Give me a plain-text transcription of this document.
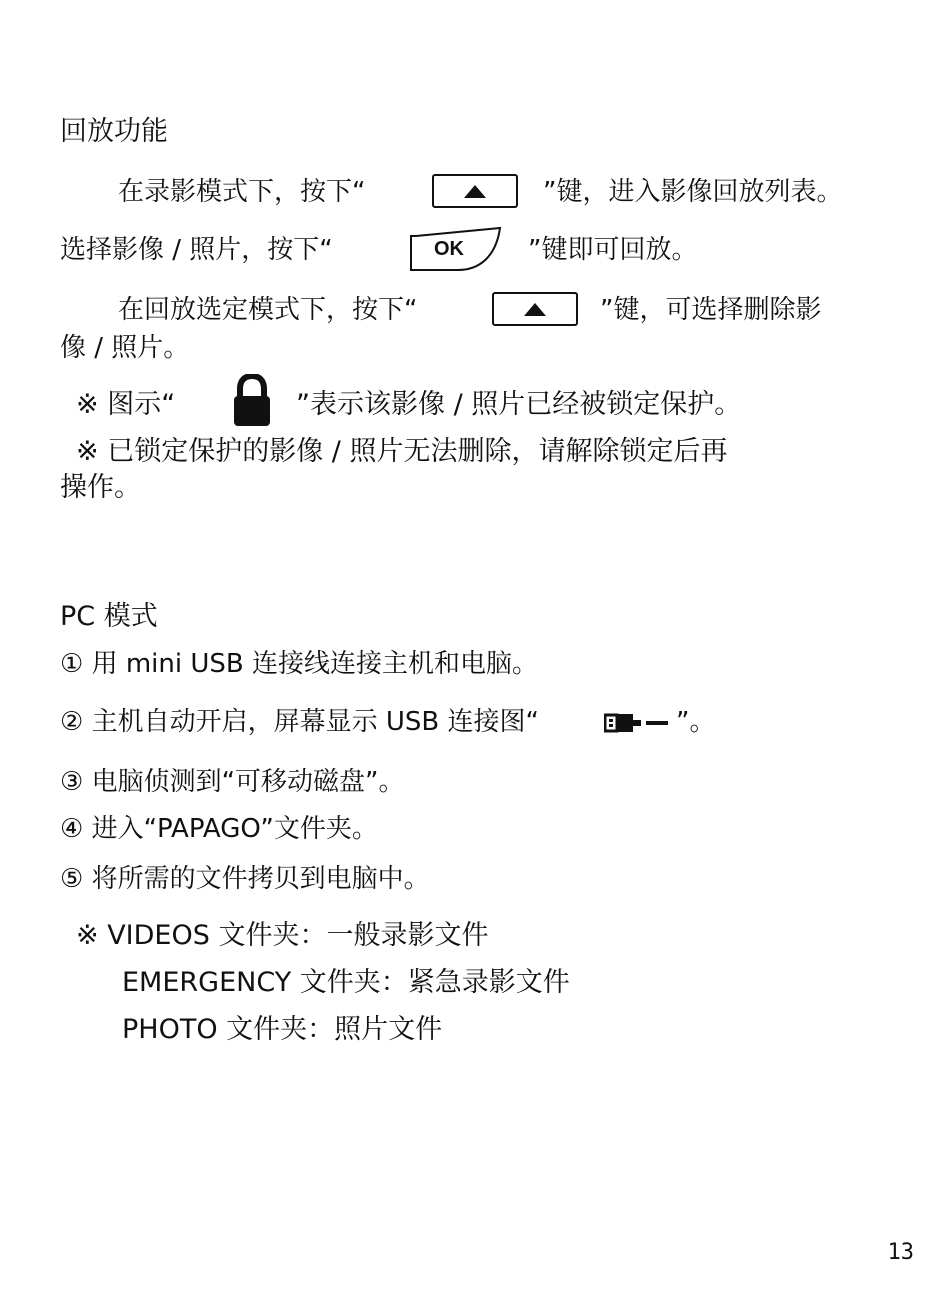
回放功能
在录影模式下，按下“	”键，进入影像回放列表。
选择影像 / 照片，按下“	OK ”键即可回放。
在回放选定模式下，按下“	”键，可选择删除影
像 / 照片。
※ 图示“	”表示该影像 / 照片已经被锁定保护。
※ 已锁定保护的影像 / 照片无法删除，请解除锁定后再
操作。
PC 模式
① 用 mini USB 连接线连接主机和电脑。
② 主机自动开启，屏幕显示 USB 连接图“	”。
③ 电脑侦测到“可移动磁盘”。
④ 进入“PAPAGO”文件夹。
⑤ 将所需的文件拷贝到电脑中。
※ VIDEOS 文件夹：一般录影文件
EMERGENCY 文件夹：紧急录影文件
PHOTO 文件夹：照片文件
13
